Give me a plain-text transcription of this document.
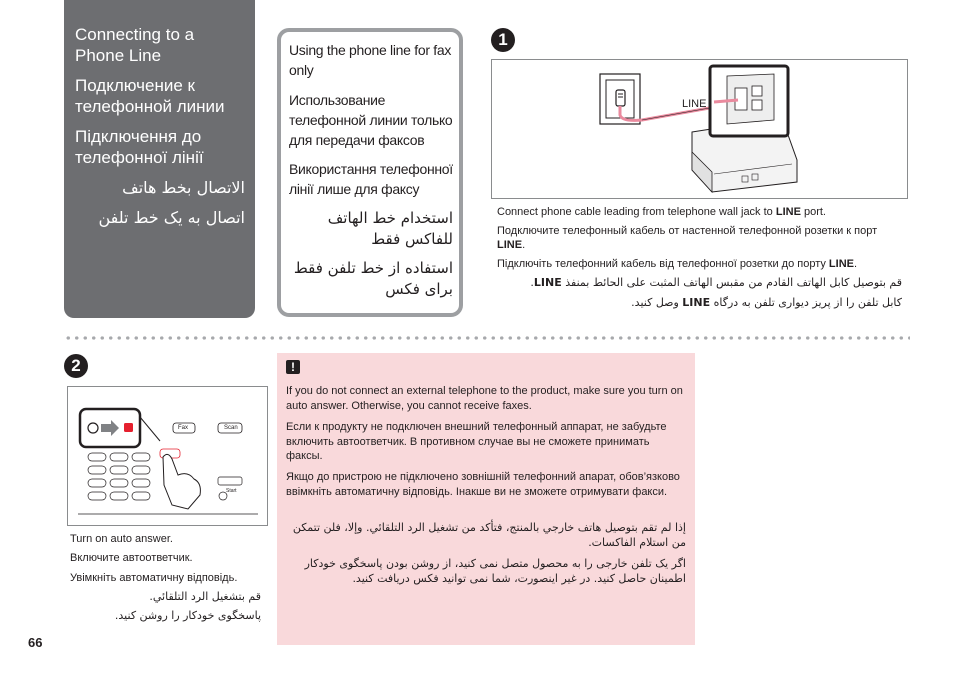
Connecting to a Phone Line
Подключение к телефонной линии
Підключення до телефонної лінії
الاتصال بخط هاتف
اتصال به یک خط تلفن
Using the phone line for fax only
Использование телефонной линии только для передачи факсов
Використання телефонної лінії лише для факсу
استخدام خط الهاتف للفاكس فقط
استفاده از خط تلفن فقط برای فکس
1
LINE
Connect phone cable leading from telephone wall jack to LINE port.
Подключите телефонный кабель от настенной телефонной розетки к порт LINE.
Підключіть телефонний кабель від телефонної розетки до порту LINE.
قم بتوصيل كابل الهاتف القادم من مقبس الهاتف المثبت على الحائط بمنفذ LINE.
کابل تلفن را از پریز دیواری تلفن به درگاه LINE وصل کنید.
2
Fax	Scan
Start
Turn on auto answer.
Включите автоответчик.
Увімкніть автоматичну відповідь.
قم بتشغيل الرد التلقائي.
پاسخگوی خودکار را روشن کنید.
!
If you do not connect an external telephone to the product, make sure you turn on auto answer. Otherwise, you cannot receive faxes.
Если к продукту не подключен внешний телефонный аппарат, не забудьте включить автоответчик. В противном случае вы не сможете принимать факсы.
Якщо до пристрою не підключено зовнішній телефонний апарат, обов’язково ввімкніть автоматичну відповідь. Інакше ви не зможете отримувати факси.
إذا لم تقم بتوصيل هاتف خارجي بالمنتج، فتأكد من تشغيل الرد التلقائي. وإلا، فلن تتمكن من استلام الفاكسات.
اگر یک تلفن خارجی را به محصول متصل نمی کنید، از روشن بودن پاسخگوی خودکار اطمینان حاصل کنید. در غیر اینصورت، شما نمی توانید فکس دریافت کنید.
66
